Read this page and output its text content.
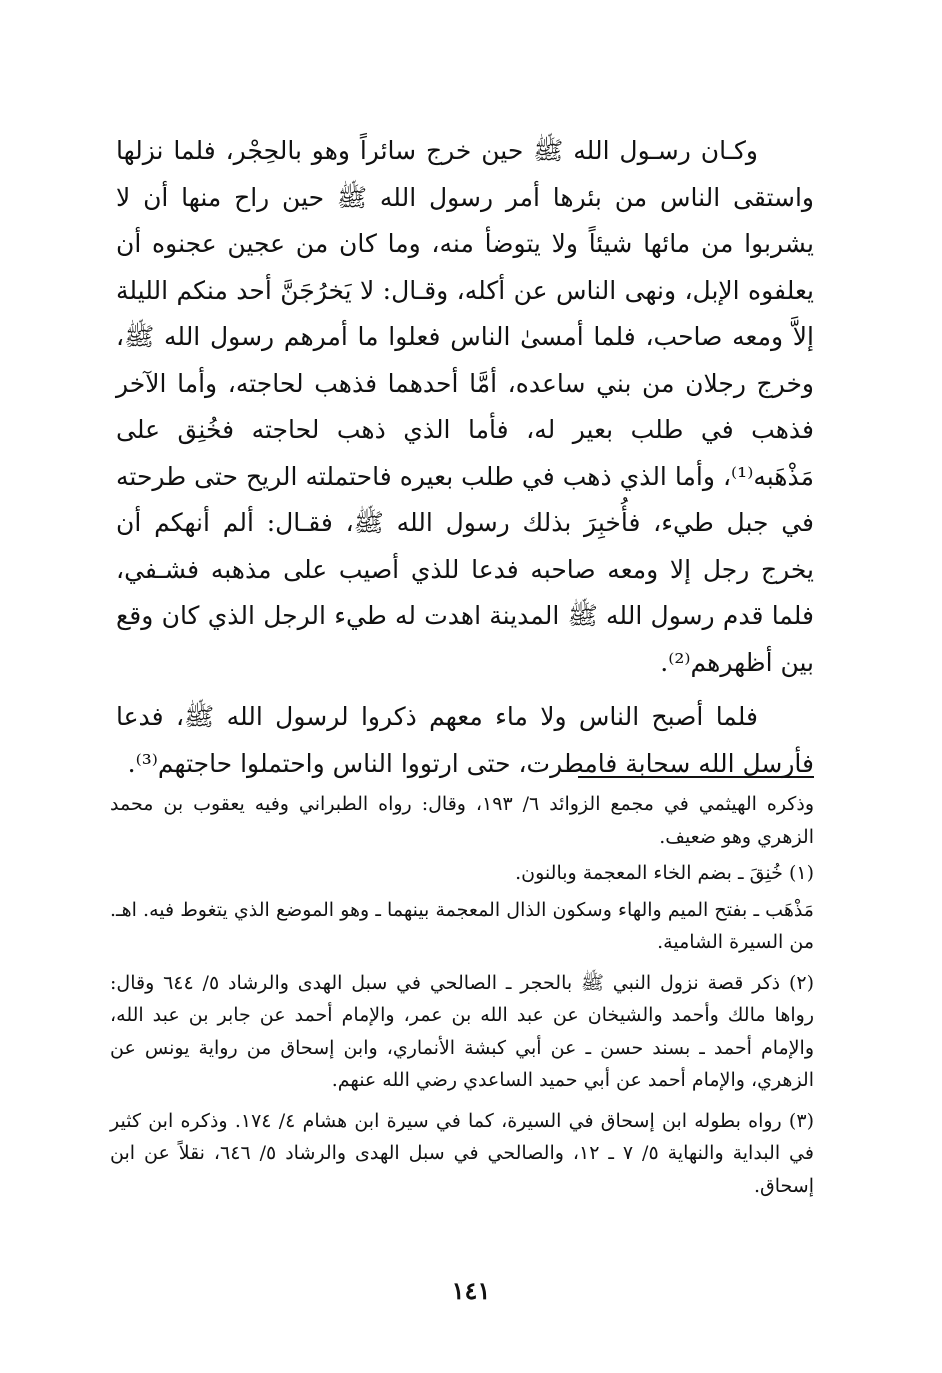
وكـان رسـول الله ﷺ حين خرج سائراً وهو بالحِجْر، فلما نزلها واستقى الناس من بئرها أمر رسول الله ﷺ حين راح منها أن لا يشربوا من مائها شيئاً ولا يتوضأ منه، وما كان من عجين عجنوه أن يعلفوه الإبل، ونهى الناس عن أكله، وقـال: لا يَخرُجَنَّ أحد منكم الليلة إلاَّ ومعه صاحب، فلما أمسىٰ الناس فعلوا ما أمرهم رسول الله ﷺ، وخرج رجلان من بني ساعده، أمَّا أحدهما فذهب لحاجته، وأما الآخر فذهب في طلب بعير له، فأما الذي ذهب لحاجته فخُنِق على مَذْهَبه⁽¹⁾، وأما الذي ذهب في طلب بعيره فاحتملته الريح حتى طرحته في جبل طيء، فأُخبِرَ بذلك رسول الله ﷺ، فقـال: ألم أنهكم أن يخرج رجل إلا ومعه صاحبه فدعا للذي أصيب على مذهبه فشـفي، فلما قدم رسول الله ﷺ المدينة اهدت له طيء الرجل الذي كان وقع بين أظهرهم⁽²⁾.

فلما أصبح الناس ولا ماء معهم ذكروا لرسول الله ﷺ، فدعا فأرسل الله سحابة فامطرت، حتى ارتووا الناس واحتملوا حاجتهم⁽³⁾.

وذكره الهيثمي في مجمع الزوائد ٦/ ١٩٣، وقال: رواه الطبراني وفيه يعقوب بن محمد الزهري وهو ضعيف.

(١) خُنِقَ ـ بضم الخاء المعجمة وبالنون.

مَذْهَب ـ بفتح الميم والهاء وسكون الذال المعجمة بينهما ـ وهو الموضع الذي يتغوط فيه. اهـ. من السيرة الشامية.

(٢) ذكر قصة نزول النبي ﷺ بالحجر ـ الصالحي في سبل الهدى والرشاد ٥/ ٦٤٤ وقال: رواها مالك وأحمد والشيخان عن عبد الله بن عمر، والإمام أحمد عن جابر بن عبد الله، والإمام أحمد ـ بسند حسن ـ عن أبي كبشة الأنماري، وابن إسحاق من رواية يونس عن الزهري، والإمام أحمد عن أبي حميد الساعدي رضي الله عنهم.

(٣) رواه بطوله ابن إسحاق في السيرة، كما في سيرة ابن هشام ٤/ ١٧٤. وذكره ابن كثير في البداية والنهاية ٥/ ٧ ـ ١٢، والصالحي في سبل الهدى والرشاد ٥/ ٦٤٦، نقلاً عن ابن إسحاق.

١٤١
